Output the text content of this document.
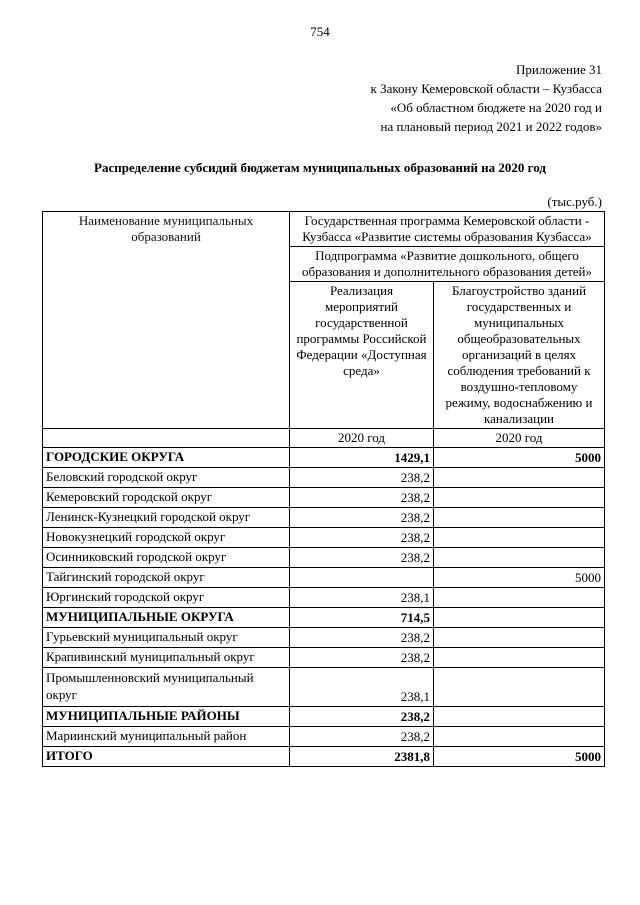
754
Приложение 31
к Закону Кемеровской области – Кузбасса
«Об областном бюджете на 2020 год и
на плановый период 2021 и 2022 годов»
Распределение субсидий бюджетам муниципальных образований на 2020 год
(тыс.руб.)
Наименование муниципальных образований	Государственная программа Кемеровской области - Кузбасса «Развитие системы образования Кузбасса»	
	Подпрограмма «Развитие дошкольного, общего образования и дополнительного образования детей»	
	Реализация мероприятий государственной программы Российской Федерации «Доступная среда»	Благоустройство зданий государственных и муниципальных общеобразовательных организаций в целях соблюдения требований к воздушно-тепловому режиму, водоснабжению и канализации
	2020 год	2020 год
ГОРОДСКИЕ ОКРУГА	1429,1	5000
Беловский городской округ	238,2	
Кемеровский городской округ	238,2	
Ленинск-Кузнецкий городской округ	238,2	
Новокузнецкий городской округ	238,2	
Осинниковский городской округ	238,2	
Тайгинский городской округ		5000
Юргинский городской округ	238,1	
МУНИЦИПАЛЬНЫЕ ОКРУГА	714,5	
Гурьевский муниципальный округ	238,2	
Крапивинский муниципальный округ	238,2	
Промышленновский муниципальный округ	238,1	
МУНИЦИПАЛЬНЫЕ РАЙОНЫ	238,2	
Мариинский муниципальный район	238,2	
ИТОГО	2381,8	5000
